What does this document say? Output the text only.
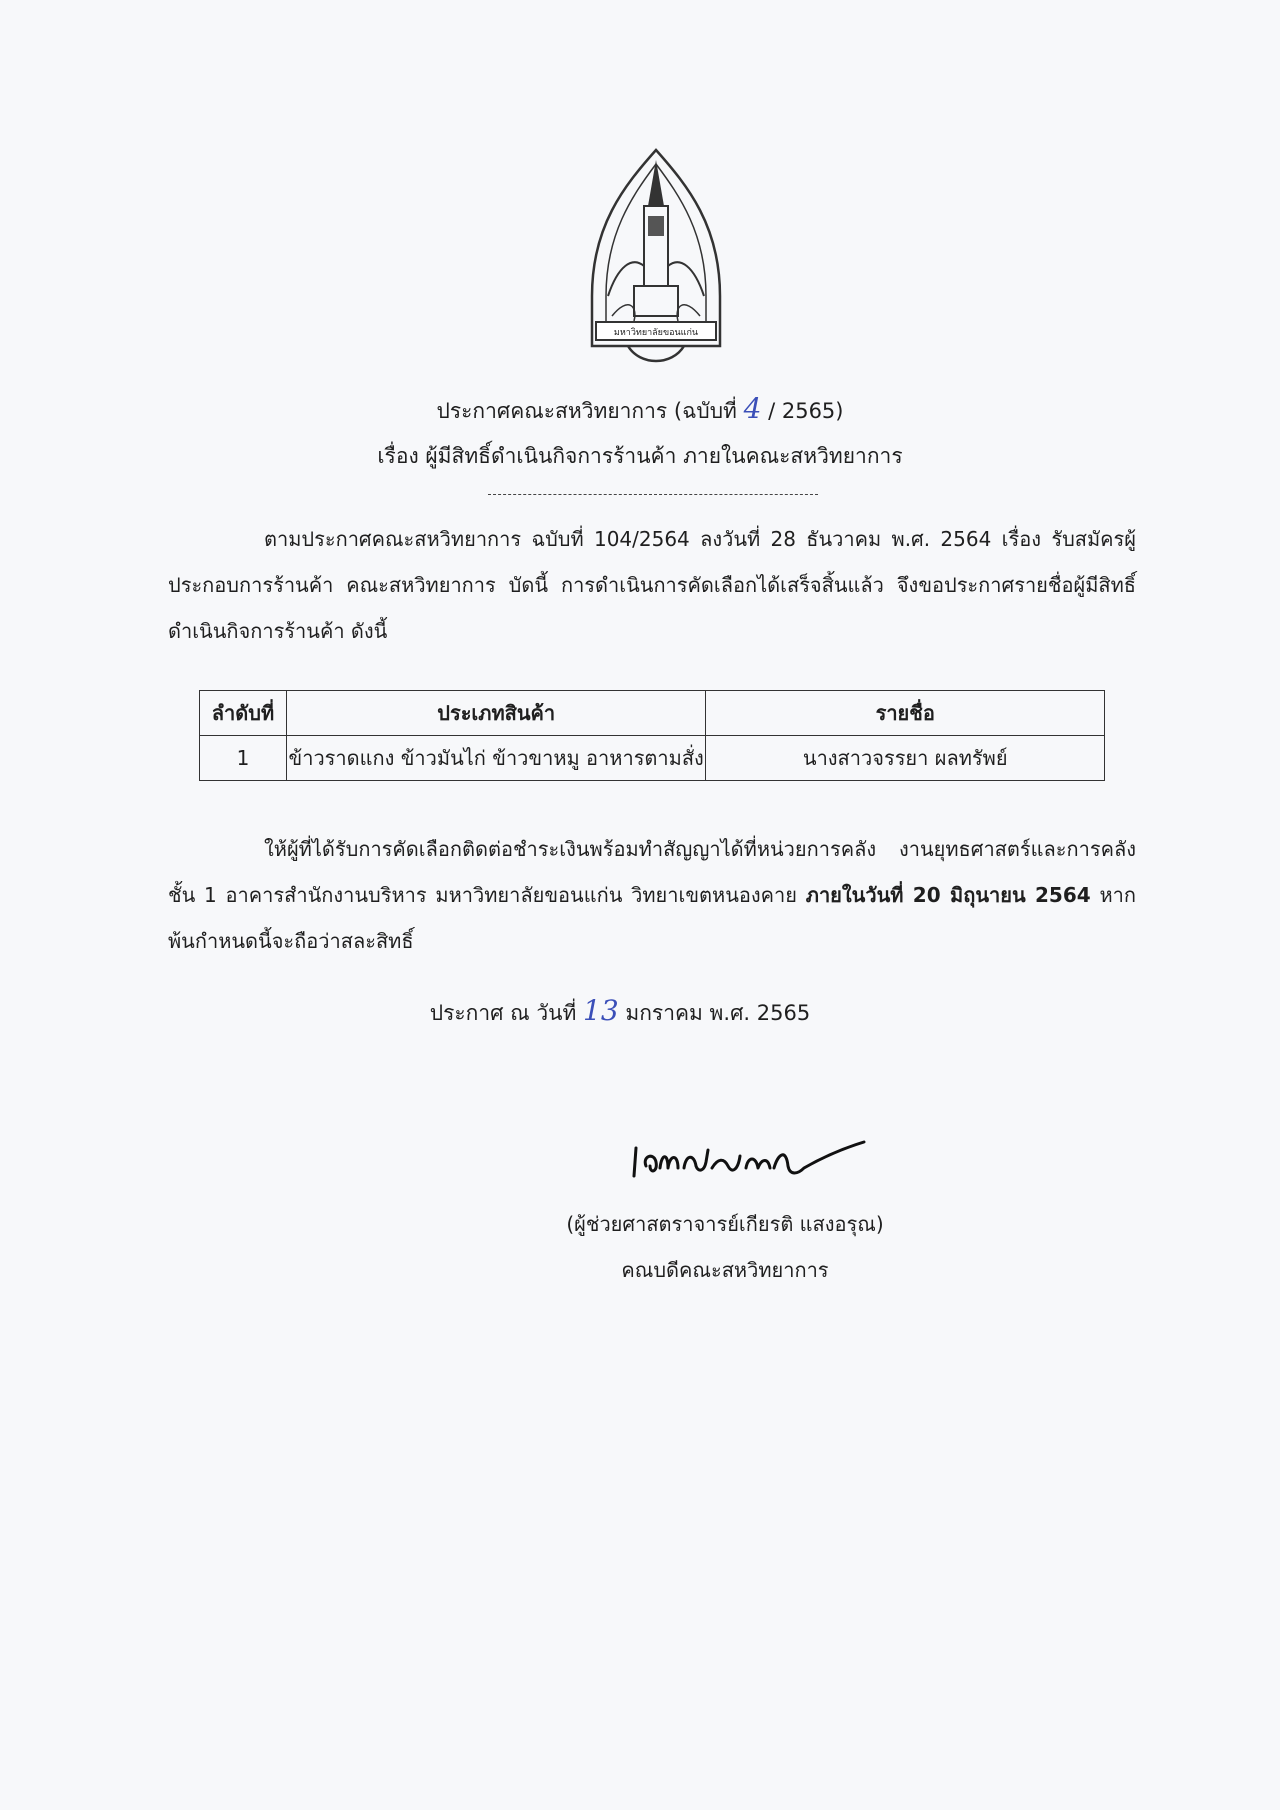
มหาวิทยาลัยขอนแก่น
ประกาศคณะสหวิทยาการ (ฉบับที่ 4 / 2565)
เรื่อง ผู้มีสิทธิ์ดำเนินกิจการร้านค้า ภายในคณะสหวิทยาการ
ตามประกาศคณะสหวิทยาการ ฉบับที่ 104/2564 ลงวันที่ 28 ธันวาคม พ.ศ. 2564 เรื่อง รับสมัครผู้ประกอบการร้านค้า คณะสหวิทยาการ บัดนี้ การดำเนินการคัดเลือกได้เสร็จสิ้นแล้ว จึงขอประกาศรายชื่อผู้มีสิทธิ์ดำเนินกิจการร้านค้า ดังนี้
ลำดับที่	ประเภทสินค้า	รายชื่อ
1	ข้าวราดแกง ข้าวมันไก่ ข้าวขาหมู อาหารตามสั่ง	นางสาวจรรยา ผลทรัพย์
ให้ผู้ที่ได้รับการคัดเลือกติดต่อชำระเงินพร้อมทำสัญญาได้ที่หน่วยการคลัง งานยุทธศาสตร์และการคลัง ชั้น 1 อาคารสำนักงานบริหาร มหาวิทยาลัยขอนแก่น วิทยาเขตหนองคาย ภายในวันที่ 20 มิถุนายน 2564 หากพ้นกำหนดนี้จะถือว่าสละสิทธิ์
ประกาศ ณ วันที่ 13 มกราคม พ.ศ. 2565
(ผู้ช่วยศาสตราจารย์เกียรติ แสงอรุณ)
คณบดีคณะสหวิทยาการ
